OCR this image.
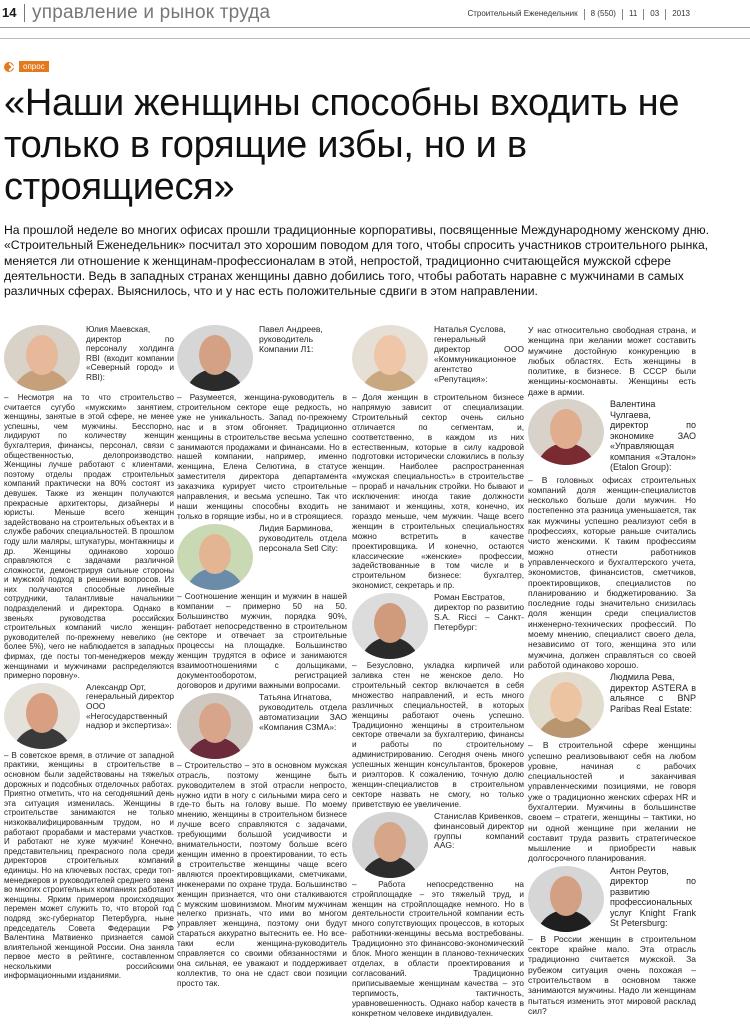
14 управление и рынок труда	Строительный Еженедельник 8 (550) 11 03 2013
опрос
«Наши женщины способны входить не только в горящие избы, но и в строящиеся»

На прошлой неделе во многих офисах прошли традиционные корпоративы, посвященные Международному женскому дню. «Строительный Еженедельник» посчитал это хорошим поводом для того, чтобы спросить участников строительного рынка, меняется ли отношение к женщинам-профессионалам в этой, непростой, традиционно считающейся мужской сфере деятельности. Ведь в западных странах женщины давно добились того, чтобы работать наравне с мужчинами в самых различных сферах. Выяснилось, что и у нас есть положительные сдвиги в этом направлении.

Юлия Маевская,
директор по персоналу холдинга RBI (входит компании «Северный город» и RBI):

– Несмотря на то что строительство считается сугубо «мужским» занятием, женщины, занятые в этой сфере, не менее успешны, чем мужчины. Бесспорно, лидируют по количеству женщин бухгалтерия, финансы, персонал, связи с общественностью, делопроизводство. Женщины лучше работают с клиентами, поэтому отделы продаж строительных компаний практически на 80% состоят из девушек. Также из женщин получаются прекрасные архитекторы, дизайнеры и юристы. Меньше всего женщин задействовано на строительных объектах и в службе рабочих специальностей. В прошлом году шли маляры, штукатуры, монтажницы и др. Женщины одинаково хорошо справляются с задачами различной сложности, демонстрируя сильные стороны и мужской подход в решении вопросов. Из них получаются способные линейные сотрудники, талантливые начальники подразделений и директора. Однако в звеньях руководства российских строительных компаний число женщин-руководителей по-прежнему невелико (не более 5%), чего не наблюдается в западных фирмах, где посты топ-менеджеров между женщинами и мужчинами распределяются примерно поровну».

Александр Орт,
генеральный директор ООО «Негосударственный надзор и экспертиза»:

– В советское время, в отличие от западной практики, женщины в строительстве в основном были задействованы на тяжелых дорожных и подсобных отделочных работах. Приятно отметить, что на сегодняшний день эта ситуация изменилась. Женщины в строительстве занимаются не только низкоквалифицированным трудом, но и работают прорабами и мастерами участков. И работают не хуже мужчин! Конечно, представительниц прекрасного пола среди директоров строительных компаний единицы. Но на ключевых постах, среди топ-менеджеров и руководителей среднего звена во многих строительных компаниях работают женщины. Ярким примером происходящих перемен может служить то, что второй год подряд экс-губернатор Петербурга, ныне председатель Совета Федерации РФ Валентина Матвиенко признается самой влиятельной женщиной России. Она заняла первое место в рейтинге, составленном несколькими российскими информационными изданиями.

Павел Андреев,
руководитель Компании Л1:

– Разумеется, женщина-руководитель в строительном секторе еще редкость, но уже не уникальность. Запад по-прежнему нас и в этом обгоняет. Традиционно женщины в строительстве весьма успешно занимаются продажами и финансами. Но в нашей компании, например, именно женщина, Елена Селютина, в статусе заместителя директора департамента заказчика курирует чисто строительные направления, и весьма успешно. Так что наши женщины способны входить не только в горящие избы, но и в строящиеся.

Лидия Барминова,
руководитель отдела персонала Setl City:

– Соотношение женщин и мужчин в нашей компании – примерно 50 на 50. Большинство мужчин, порядка 90%, работает непосредственно в строительном секторе и отвечает за строительные процессы на площадке. Большинство женщин трудятся в офисе и занимаются взаимоотношениями с дольщиками, документооборотом, регистрацией договоров и другими важными вопросами.

Татьяна Игнатова,
руководитель отдела автоматизации ЗАО «Компания СЗМА»:

– Строительство – это в основном мужская отрасль, поэтому женщине быть руководителем в этой отрасли непросто, нужно идти в ногу с сильными мира сего и где-то быть на голову выше. По моему мнению, женщины в строительном бизнесе лучше всего справляются с задачами, требующими большой усидчивости и внимательности, поэтому больше всего женщин именно в проектировании, то есть в строительстве женщины чаще всего являются проектировщиками, сметчиками, инженерами по охране труда. Большинство женщин признается, что они сталкиваются с мужским шовинизмом. Многим мужчинам нелегко признать, что ими во многом управляет женщина, поэтому они будут стараться аккуратно вытеснить ее. Но все-таки если женщина-руководитель справляется со своими обязанностями и она сильная, ее уважают и поддерживает коллектив, то она не сдаст свои позиции просто так.

Наталья Суслова,
генеральный директор ООО «Коммуникационное агентство «Репутация»:

– Доля женщин в строительном бизнесе напрямую зависит от специализации. Строительный сектор очень сильно отличается по сегментам, и, соответственно, в каждом из них естественным, которые в силу кадровой подготовки исторически сложились в пользу женщин. Наиболее распространенная «мужская специальность» в строительстве – прораб и начальник стройки. Но бывают и исключения: иногда такие должности занимают и женщины, хотя, конечно, их гораздо меньше, чем мужчин. Чаще всего женщин в строительных специальностях можно встретить в качестве проектировщика. И конечно, остаются классические «женские» профессии, задействованные в том числе и в строительном бизнесе: бухгалтер, экономист, секретарь и пр.

Роман Евстратов,
директор по развитию S.A. Ricci – Санкт-Петербург:

– Безусловно, укладка кирпичей или заливка стен не женское дело. Но строительный сектор включается в себя множество направлений, и есть много различных специальностей, в которых женщины работают очень успешно. Традиционно женщины в строительном секторе отвечали за бухгалтерию, финансы и работы по строительному администрированию. Сегодня очень много успешных женщин консультантов, брокеров и риэлторов. К сожалению, точную долю женщин-специалистов в строительном секторе назвать не смогу, но только приветствую ее увеличение.

Станислав Кривенков,
финансовый директор группы компаний AAG:

– Работа непосредственно на стройплощадке – это тяжелый труд, и женщин на стройплощадке немного. Но в деятельности строительной компании есть много сопутствующих процессов, в которых работники-женщины весьма востребованы. Традиционно это финансово-экономический блок. Много женщин в планово-технических отделах, в области проектирования и согласований. Традиционно приписываемые женщинам качества – это терпимость, тактичность, уравновешенность. Однако набор качеств в конкретном человеке индивидуален.

У нас относительно свободная страна, и женщина при желании может составить мужчине достойную конкуренцию в любых областях. Есть женщины в политике, в бизнесе. В СССР были женщины-космонавты. Женщины есть даже в армии.

Валентина Чулгаева,
директор по экономике ЗАО «Управляющая компания «Эталон» (Etalon Group):

– В головных офисах строительных компаний доля женщин-специалистов несколько больше доли мужчин. Но постепенно эта разница уменьшается, так как мужчины успешно реализуют себя в профессиях, которые раньше считались чисто женскими. К таким профессиям можно отнести работников управленческого и бухгалтерского учета, экономистов, финансистов, сметчиков, проектировщиков, специалистов по планированию и бюджетированию. За последние годы значительно снизилась доля женщин среди специалистов инженерно-технических профессий. По моему мнению, специалист своего дела, независимо от того, женщина это или мужчина, должен справляться со своей работой одинаково хорошо.

Людмила Рева,
директор ASTERA в альянсе с BNP Paribas Real Estate:

– В строительной сфере женщины успешно реализовывают себя на любом уровне, начиная с рабочих специальностей и заканчивая управленческими позициями, не говоря уже о традиционно женских сферах HR и бухгалтерии. Мужчины в большинстве своем – стратеги, женщины – тактики, но ни одной женщине при желании не составит труда развить стратегическое мышление и приобрести навык долгосрочного планирования.

Антон Реутов,
директор по развитию профессиональных услуг Knight Frank St Petersburg:

– В России женщин в строительном секторе крайне мало. Эта отрасль традиционно считается мужской. За рубежом ситуация очень похожая – строительством в основном также занимаются мужчины. Надо ли женщинам пытаться изменить этот мировой расклад сил?
